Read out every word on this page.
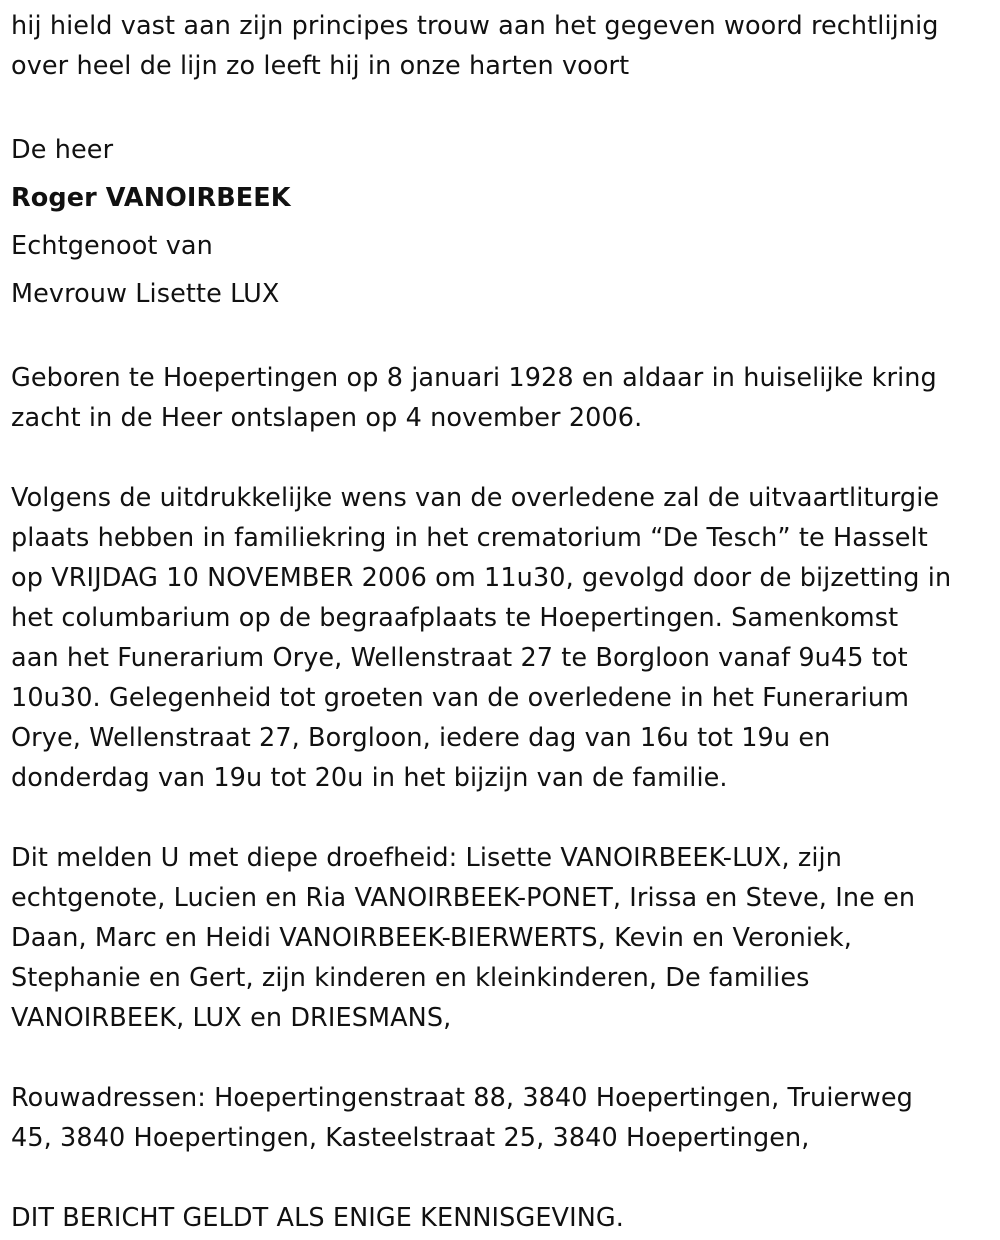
hij hield vast aan zijn principes trouw aan het gegeven woord rechtlijnig
over heel de lijn zo leeft hij in onze harten voort
De heer
Roger VANOIRBEEK
Echtgenoot van
Mevrouw Lisette LUX
Geboren te Hoepertingen op 8 januari 1928 en aldaar in huiselijke kring
zacht in de Heer ontslapen op 4 november 2006.
Volgens de uitdrukkelijke wens van de overledene zal de uitvaartliturgie
plaats hebben in familiekring in het crematorium “De Tesch” te Hasselt
op VRIJDAG 10 NOVEMBER 2006 om 11u30, gevolgd door de bijzetting in
het columbarium op de begraafplaats te Hoepertingen. Samenkomst
aan het Funerarium Orye, Wellenstraat 27 te Borgloon vanaf 9u45 tot
10u30. Gelegenheid tot groeten van de overledene in het Funerarium
Orye, Wellenstraat 27, Borgloon, iedere dag van 16u tot 19u en
donderdag van 19u tot 20u in het bijzijn van de familie.
Dit melden U met diepe droefheid: Lisette VANOIRBEEK-LUX, zijn
echtgenote, Lucien en Ria VANOIRBEEK-PONET, Irissa en Steve, Ine en
Daan, Marc en Heidi VANOIRBEEK-BIERWERTS, Kevin en Veroniek,
Stephanie en Gert, zijn kinderen en kleinkinderen, De families
VANOIRBEEK, LUX en DRIESMANS,
Rouwadressen: Hoepertingenstraat 88, 3840 Hoepertingen, Truierweg
45, 3840 Hoepertingen, Kasteelstraat 25, 3840 Hoepertingen,
DIT BERICHT GELDT ALS ENIGE KENNISGEVING.
